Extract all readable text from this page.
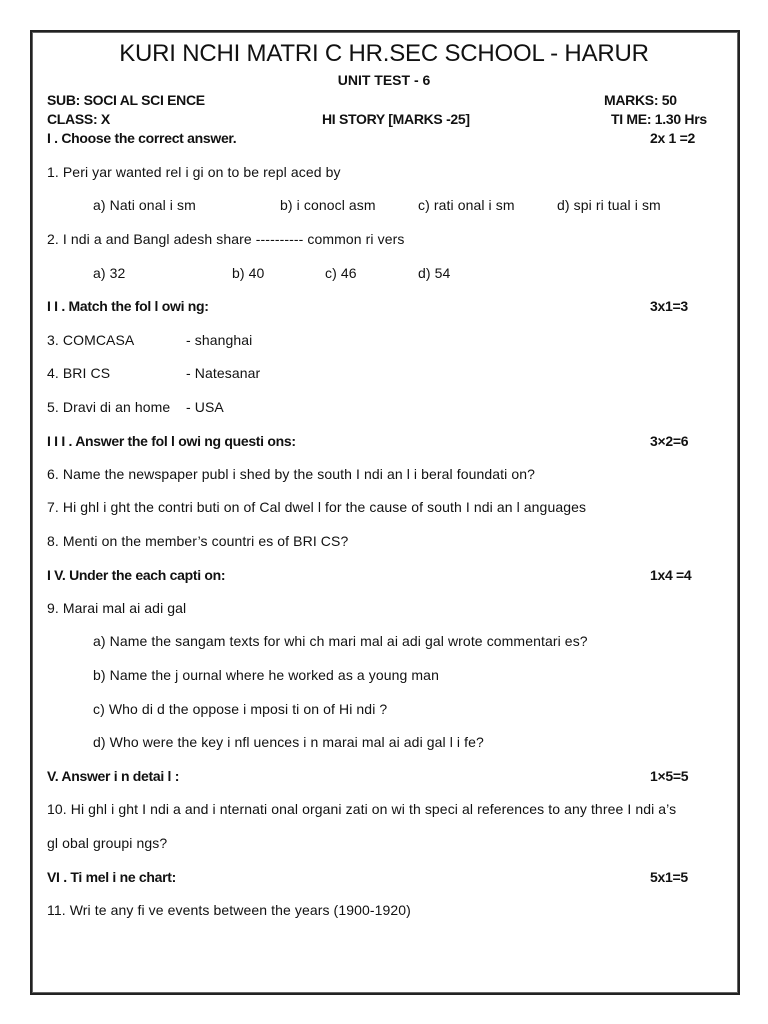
KURI NCHI MATRI C HR.SEC SCHOOL - HARUR
UNIT TEST - 6
SUB: SOCI AL SCI ENCE	MARKS: 50
CLASS: X	HI STORY [MARKS -25]	TI ME: 1.30 Hrs
I . Choose the correct answer.	2x 1 =2
1. Peri yar wanted rel i gi on to be repl aced by
a) Nati onal i sm	b) i conocl asm	c) rati onal i sm	d) spi ri tual i sm
2. I ndi a and Bangl adesh share ---------- common ri vers
a) 32	b) 40	c) 46	d) 54
I I . Match the fol l owi ng:	3x1=3
3. COMCASA	- shanghai
4. BRI CS	- Natesanar
5. Dravi di an home - USA
I I I . Answer the fol l owi ng questi ons:	3×2=6
6. Name the newspaper publ i shed by the south I ndi an l i beral foundati on?
7. Hi ghl i ght the contri buti on of Cal dwel l for the cause of south I ndi an l anguages
8. Menti on the member’s countri es of BRI CS?
I V. Under the each capti on:	1x4 =4
9. Marai mal ai adi gal
a) Name the sangam texts for whi ch mari mal ai adi gal wrote commentari es?
b) Name the j ournal where he worked as a young man
c) Who di d the oppose i mposi ti on of Hi ndi ?
d) Who were the key i nfl uences i n marai mal ai adi gal l i fe?
V. Answer i n detai l :	1×5=5
10. Hi ghl i ght I ndi a and i nternati onal organi zati on wi th speci al references to any three I ndi a’s
gl obal groupi ngs?
VI . Ti mel i ne chart:	5x1=5
11. Wri te any fi ve events between the years (1900-1920)
